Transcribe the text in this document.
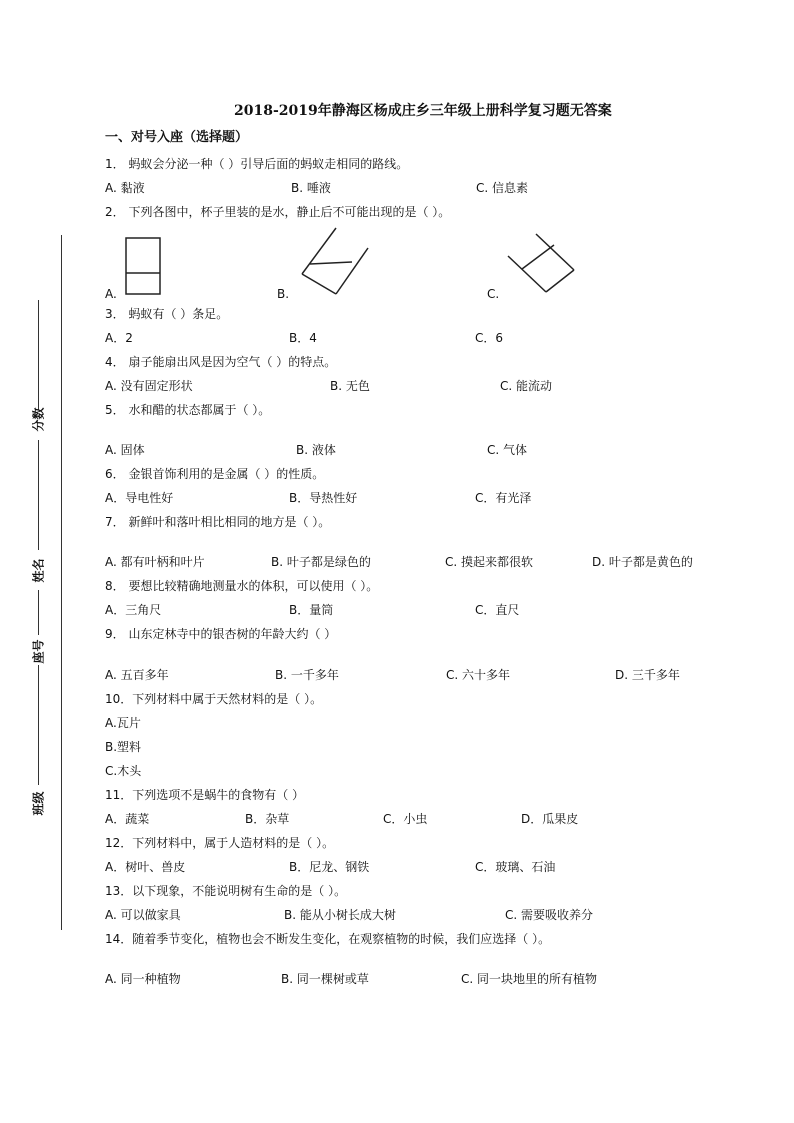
分数
姓名
座号
班级
2018-2019年静海区杨成庄乡三年级上册科学复习题无答案
一、对号入座（选择题）
1． 蚂蚁会分泌一种（ ）引导后面的蚂蚁走相同的路线。
A. 黏液	B. 唾液	C. 信息素
2． 下列各图中，杯子里装的是水，静止后不可能出现的是（ ）。
A.	B.	C.
3． 蚂蚁有（ ）条足。
A．2	B．4	C．6
4． 扇子能扇出风是因为空气（ ）的特点。
A. 没有固定形状	B. 无色	C. 能流动
5． 水和醋的状态都属于（ ）。
A. 固体	B. 液体	C. 气体
6． 金银首饰利用的是金属（ ）的性质。
A．导电性好	B．导热性好	C．有光泽
7． 新鲜叶和落叶相比相同的地方是（ ）。
A. 都有叶柄和叶片	B. 叶子都是绿色的	C. 摸起来都很软	D. 叶子都是黄色的
8． 要想比较精确地测量水的体积，可以使用（ ）。
A．三角尺	B．量筒	C．直尺
9． 山东定林寺中的银杏树的年龄大约（ ）
A. 五百多年	B. 一千多年	C. 六十多年	D. 三千多年
10．下列材料中属于天然材料的是（ ）。
A.瓦片
B.塑料
C.木头
11．下列选项不是蜗牛的食物有（ ）
A．蔬菜	B．杂草	C．小虫	D．瓜果皮
12．下列材料中，属于人造材料的是（ ）。
A．树叶、兽皮	B．尼龙、钢铁	C．玻璃、石油
13．以下现象，不能说明树有生命的是（ ）。
A. 可以做家具	B. 能从小树长成大树	C. 需要吸收养分
14．随着季节变化，植物也会不断发生变化，在观察植物的时候，我们应选择（ ）。
A. 同一种植物	B. 同一棵树或草	C. 同一块地里的所有植物
